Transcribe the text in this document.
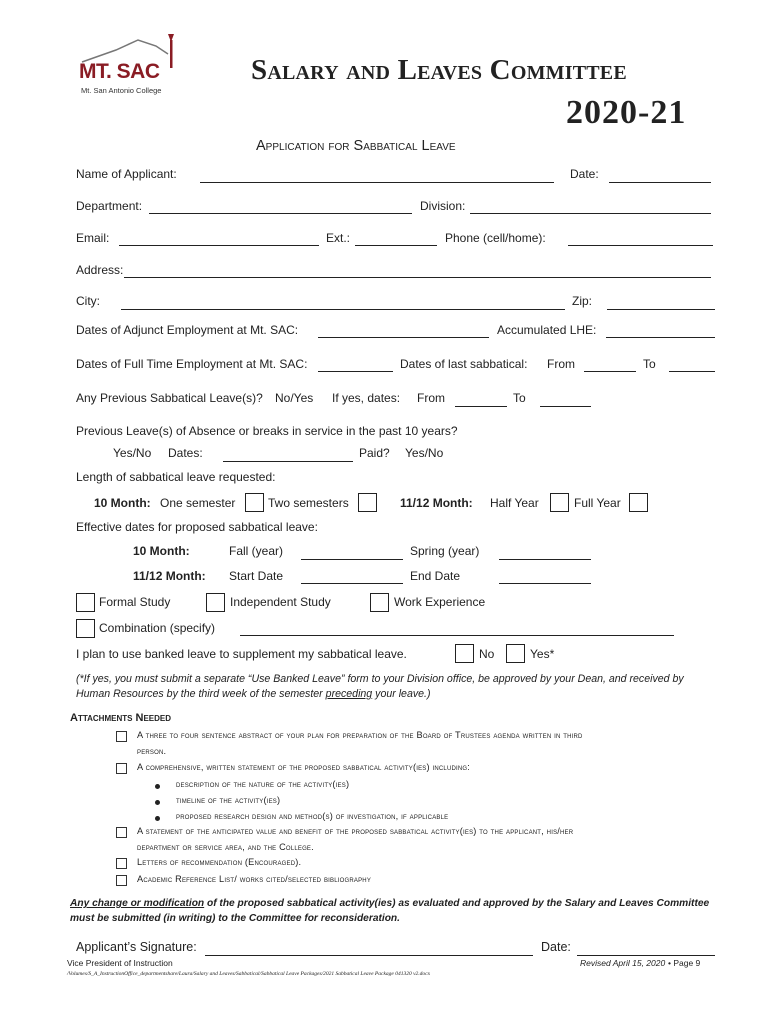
MT. SAC
Mt. San Antonio College
Salary and Leaves Committee
2020-21
Application for Sabbatical Leave
Name of Applicant:	Date:
Department:	Division:
Email:	Ext.:	Phone (cell/home):
Address:
City:	Zip:
Dates of Adjunct Employment at Mt. SAC:	Accumulated LHE:
Dates of Full Time Employment at Mt. SAC:	Dates of last sabbatical: From	To
Any Previous Sabbatical Leave(s)? No/Yes If yes, dates: From	To
Previous Leave(s) of Absence or breaks in service in the past 10 years?
Yes/No Dates:	Paid? Yes/No
Length of sabbatical leave requested:
10 Month: One semester	Two semesters	11/12 Month: Half Year	Full Year
Effective dates for proposed sabbatical leave:
10 Month:	Fall (year)	Spring (year)
11/12 Month: Start Date	End Date
Formal Study	Independent Study	Work Experience
Combination (specify)
I plan to use banked leave to supplement my sabbatical leave.	No	Yes*
(*If yes, you must submit a separate “Use Banked Leave” form to your Division office, be approved by your Dean, and received by
Human Resources by the third week of the semester preceding your leave.)
Attachments Needed
A three to four sentence abstract of your plan for preparation of the Board of Trustees agenda written in third
person.
A comprehensive, written statement of the proposed sabbatical activity(ies) including:
description of the nature of the activity(ies)
timeline of the activity(ies)
proposed research design and method(s) of investigation, if applicable
A statement of the anticipated value and benefit of the proposed sabbatical activity(ies) to the applicant, his/her
department or service area, and the College.
Letters of recommendation (Encouraged).
Academic Reference List/ works cited/selected bibliography
Any change or modification of the proposed sabbatical activity(ies) as evaluated and approved by the Salary and Leaves Committee
must be submitted (in writing) to the Committee for reconsideration.
Applicant’s Signature:	Date:
Vice President of Instruction	Revised April 15, 2020 • Page 9
/Volumes/S_A_InstructionOffice_departmentshare/Laura/Salary and Leaves/Sabbatical/Sabbatical Leave Packages/2021 Sabbatical Leave Package 041320 v2.docx
